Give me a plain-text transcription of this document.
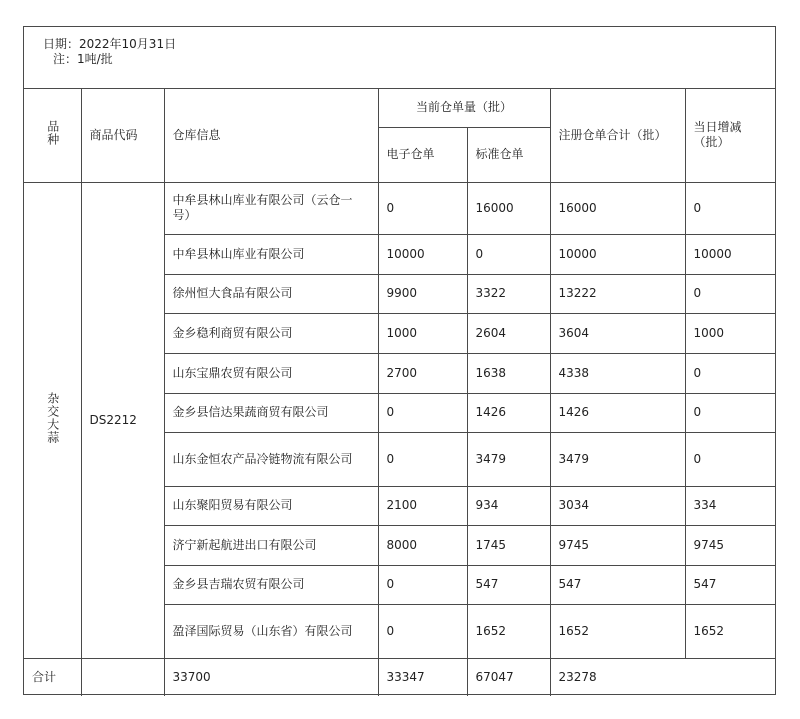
日期：2022年10月31日
注：1吨/批
品种	商品代码	仓库信息	当前仓单量（批）		注册仓单合计（批）	当日增减（批）
			电子仓单	标准仓单		
杂交大蒜	DS2212	中牟县林山库业有限公司（云仓一号）	0	16000	16000	0
		中牟县林山库业有限公司	10000	0	10000	10000
		徐州恒大食品有限公司	9900	3322	13222	0
		金乡稳利商贸有限公司	1000	2604	3604	1000
		山东宝鼎农贸有限公司	2700	1638	4338	0
		金乡县信达果蔬商贸有限公司	0	1426	1426	0
		山东金恒农产品冷链物流有限公司	0	3479	3479	0
		山东聚阳贸易有限公司	2100	934	3034	334
		济宁新起航进出口有限公司	8000	1745	9745	9745
		金乡县吉瑞农贸有限公司	0	547	547	547
		盈泽国际贸易（山东省）有限公司	0	1652	1652	1652
合计		33700	33347	67047	23278	
